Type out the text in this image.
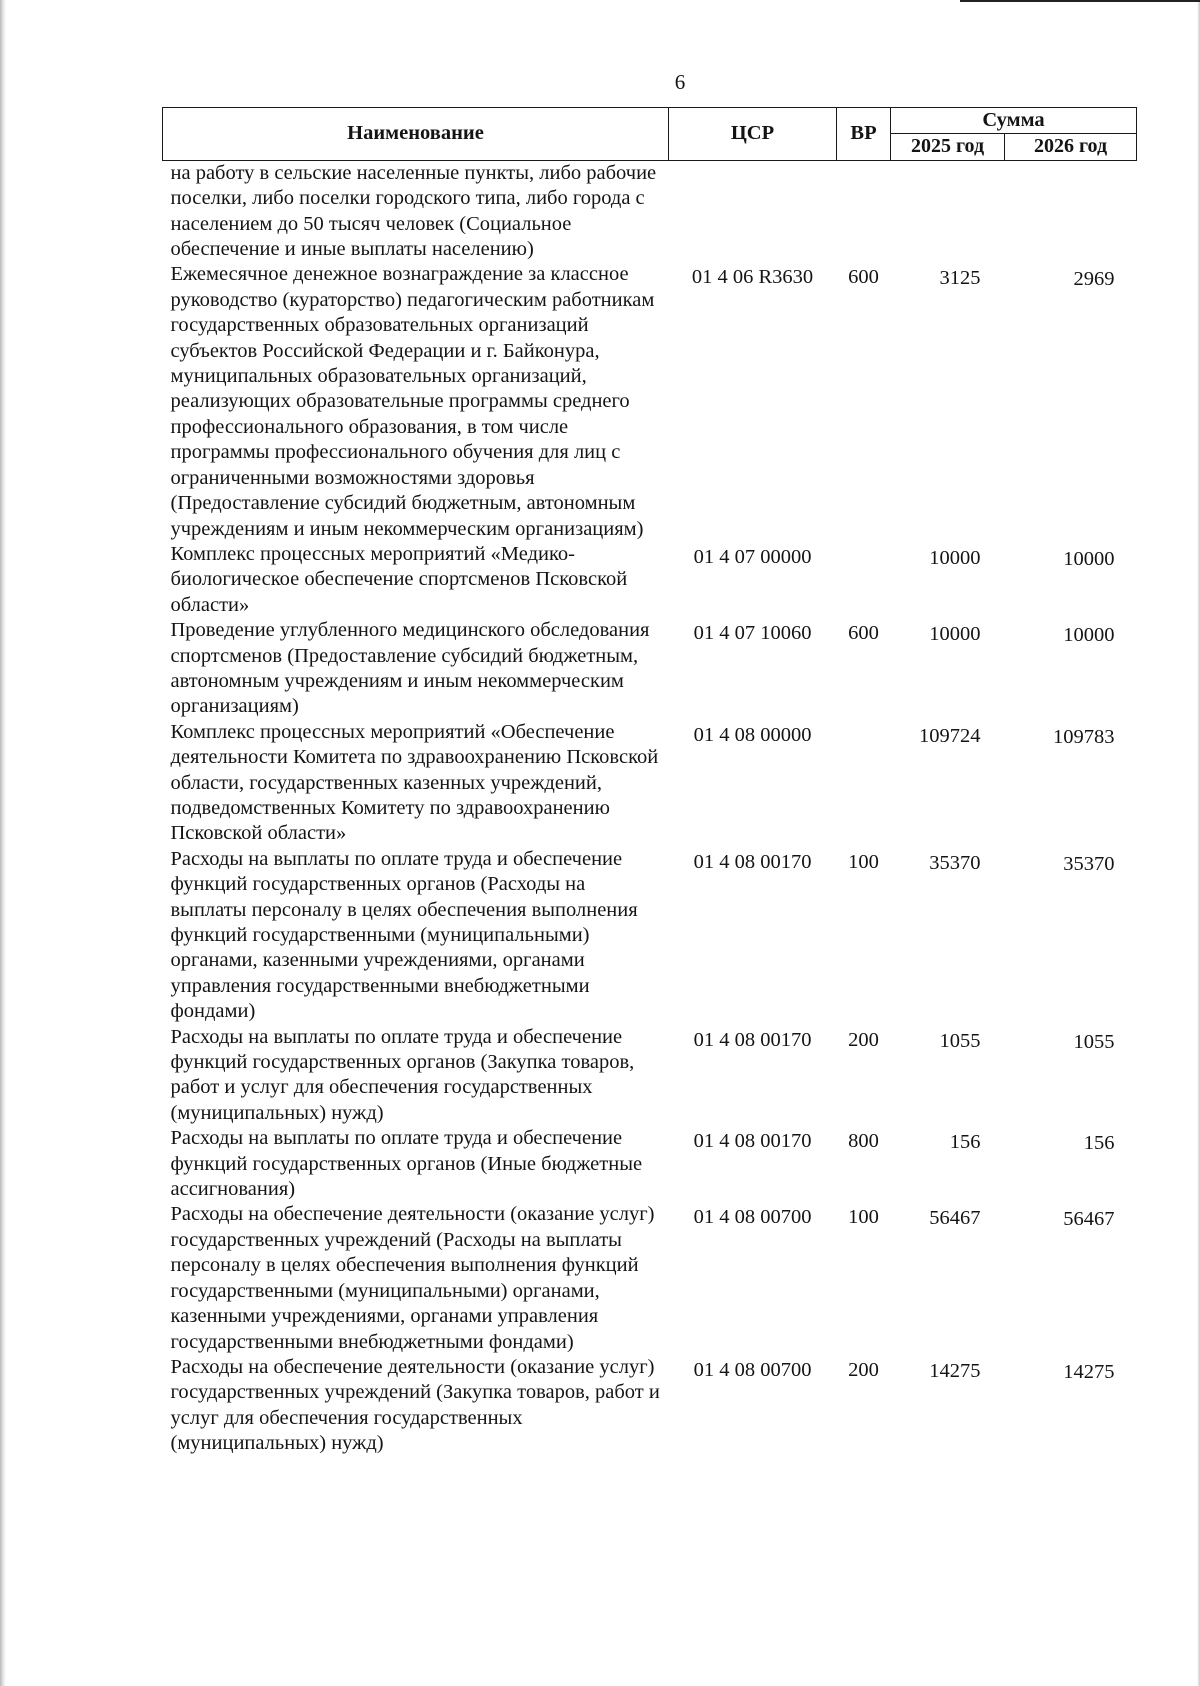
6
Наименование	ЦСР	ВР	Сумма	
			2025 год	2026 год
на работу в сельские населенные пункты, либо рабочие поселки, либо поселки городского типа, либо города с населением до 50 тысяч человек (Социальное обеспечение и иные выплаты населению)				
Ежемесячное денежное вознаграждение за классное руководство (кураторство) педагогическим работникам государственных образовательных организаций субъектов Российской Федерации и г. Байконура, муниципальных образовательных организаций, реализующих образовательные программы среднего профессионального образования, в том числе программы профессионального обучения для лиц с ограниченными возможностями здоровья (Предоставление субсидий бюджетным, автономным учреждениям и иным некоммерческим организациям)	01 4 06 R3630	600	3125	2969
Комплекс процессных мероприятий «Медико-биологическое обеспечение спортсменов Псковской области»	01 4 07 00000		10000	10000
Проведение углубленного медицинского обследования спортсменов (Предоставление субсидий бюджетным, автономным учреждениям и иным некоммерческим организациям)	01 4 07 10060	600	10000	10000
Комплекс процессных мероприятий «Обеспечение деятельности Комитета по здравоохранению Псковской области, государственных казенных учреждений, подведомственных Комитету по здравоохранению Псковской области»	01 4 08 00000		109724	109783
Расходы на выплаты по оплате труда и обеспечение функций государственных органов (Расходы на выплаты персоналу в целях обеспечения выполнения функций государственными (муниципальными) органами, казенными учреждениями, органами управления государственными внебюджетными фондами)	01 4 08 00170	100	35370	35370
Расходы на выплаты по оплате труда и обеспечение функций государственных органов (Закупка товаров, работ и услуг для обеспечения государственных (муниципальных) нужд)	01 4 08 00170	200	1055	1055
Расходы на выплаты по оплате труда и обеспечение функций государственных органов (Иные бюджетные ассигнования)	01 4 08 00170	800	156	156
Расходы на обеспечение деятельности (оказание услуг) государственных учреждений (Расходы на выплаты персоналу в целях обеспечения выполнения функций государственными (муниципальными) органами, казенными учреждениями, органами управления государственными внебюджетными фондами)	01 4 08 00700	100	56467	56467
Расходы на обеспечение деятельности (оказание услуг) государственных учреждений (Закупка товаров, работ и услуг для обеспечения государственных (муниципальных) нужд)	01 4 08 00700	200	14275	14275
